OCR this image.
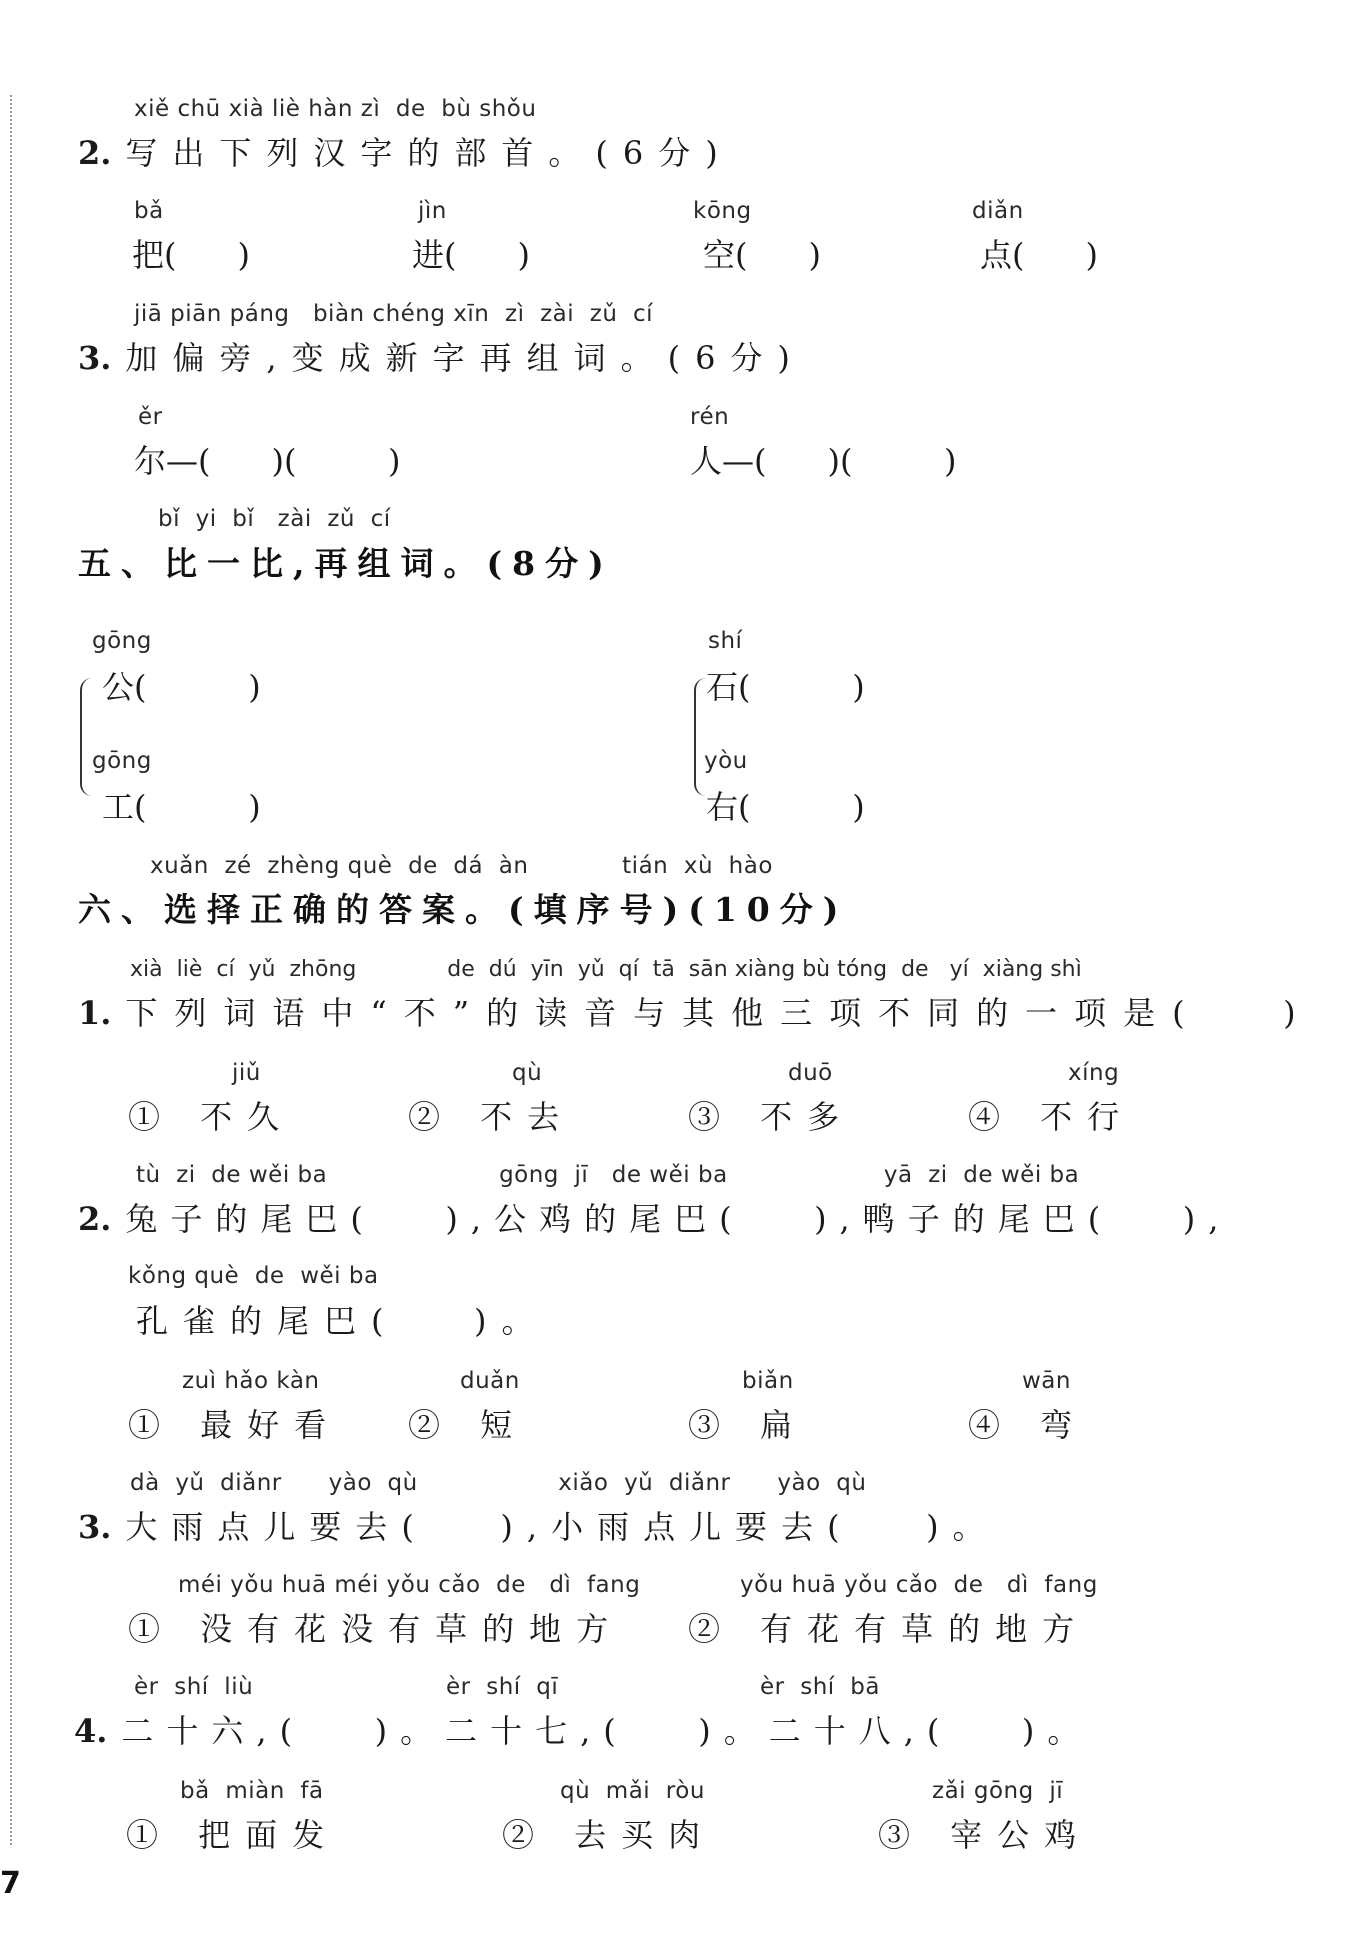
xiě chū xià liè hàn zì  de  bù shǒu
2. 写出下列汉字的部首。(6分)
bǎ	jìn	kōng	diǎn
把(      )	进(      )	空(      )	点(      )
jiā piān páng   biàn chéng xīn  zì  zài  zǔ  cí
3. 加偏旁,变成新字再组词。(6分)
ěr	rén
尔—(      )(         )	人—(      )(         )
bǐ  yi  bǐ   zài  zǔ  cí
五、比一比,再组词。(8分)
gōng
公(          )
gōng
工(          )
shí
石(          )
yòu
右(          )
xuǎn  zé  zhèng què  de  dá  àn            tián  xù  hào
六、选择正确的答案。(填序号)(10分)
xià  liè  cí  yǔ  zhōng             de  dú  yīn  yǔ  qí  tā  sān xiàng bù tóng  de   yí  xiàng shì
1. 下列词语中“不”的读音与其他三项不同的一项是(   )
jiǔ	qù	duō	xíng
① 不久	② 不去	③ 不多	④ 不行
tù  zi  de wěi ba                      gōng  jī   de wěi ba                    yā  zi  de wěi ba
2. 兔子的尾巴(   ),公鸡的尾巴(   ),鸭子的尾巴(   ),
kǒng què  de  wěi ba
孔雀的尾巴(   )。
zuì hǎo kàn	duǎn	biǎn	wān
① 最好看 ② 短	③ 扁	④ 弯
dà  yǔ  diǎnr      yào  qù                  xiǎo  yǔ  diǎnr      yào  qù
3. 大雨点儿要去(   ),小雨点儿要去(   )。
méi yǒu huā méi yǒu cǎo  de   dì  fang	yǒu huā yǒu cǎo  de   dì  fang
① 没有花没有草的地方 ② 有花有草的地方
èr  shí  liù	èr  shí  qī	èr  shí  bā
4. 二十六,(   )。二十七,(   )。二十八,(   )。
bǎ  miàn  fā	qù  mǎi  ròu	zǎi gōng  jī
① 把面发	② 去买肉	③ 宰公鸡
7
